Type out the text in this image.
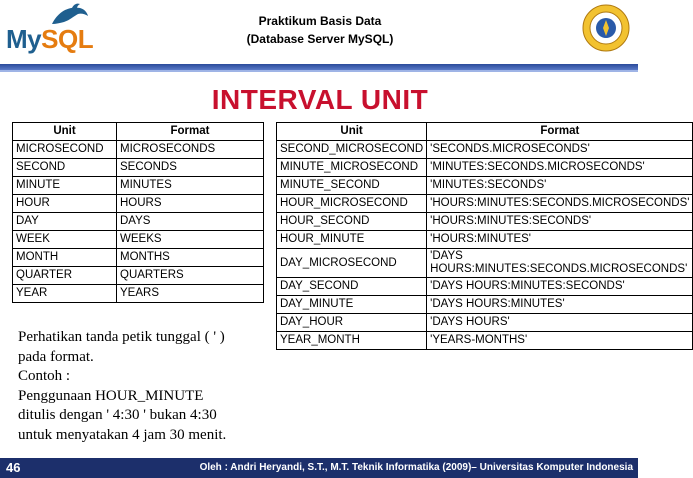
MySQL
Praktikum Basis Data
(Database Server MySQL)
INTERVAL UNIT
Unit	Format
MICROSECOND	MICROSECONDS
SECOND	SECONDS
MINUTE	MINUTES
HOUR	HOURS
DAY	DAYS
WEEK	WEEKS
MONTH	MONTHS
QUARTER	QUARTERS
YEAR	YEARS
Unit	Format
SECOND_MICROSECOND	'SECONDS.MICROSECONDS'
MINUTE_MICROSECOND	'MINUTES:SECONDS.MICROSECONDS'
MINUTE_SECOND	'MINUTES:SECONDS'
HOUR_MICROSECOND	'HOURS:MINUTES:SECONDS.MICROSECONDS'
HOUR_SECOND	'HOURS:MINUTES:SECONDS'
HOUR_MINUTE	'HOURS:MINUTES'
DAY_MICROSECOND	'DAYS HOURS:MINUTES:SECONDS.MICROSECONDS'
DAY_SECOND	'DAYS HOURS:MINUTES:SECONDS'
DAY_MINUTE	'DAYS HOURS:MINUTES'
DAY_HOUR	'DAYS HOURS'
YEAR_MONTH	'YEARS-MONTHS'
Perhatikan tanda petik tunggal ( ' )
pada format.
Contoh :
Penggunaan HOUR_MINUTE
ditulis dengan ' 4:30 ' bukan 4:30
untuk menyatakan 4 jam 30 menit.
46	Oleh : Andri Heryandi, S.T., M.T. Teknik Informatika (2009)– Universitas Komputer Indonesia
